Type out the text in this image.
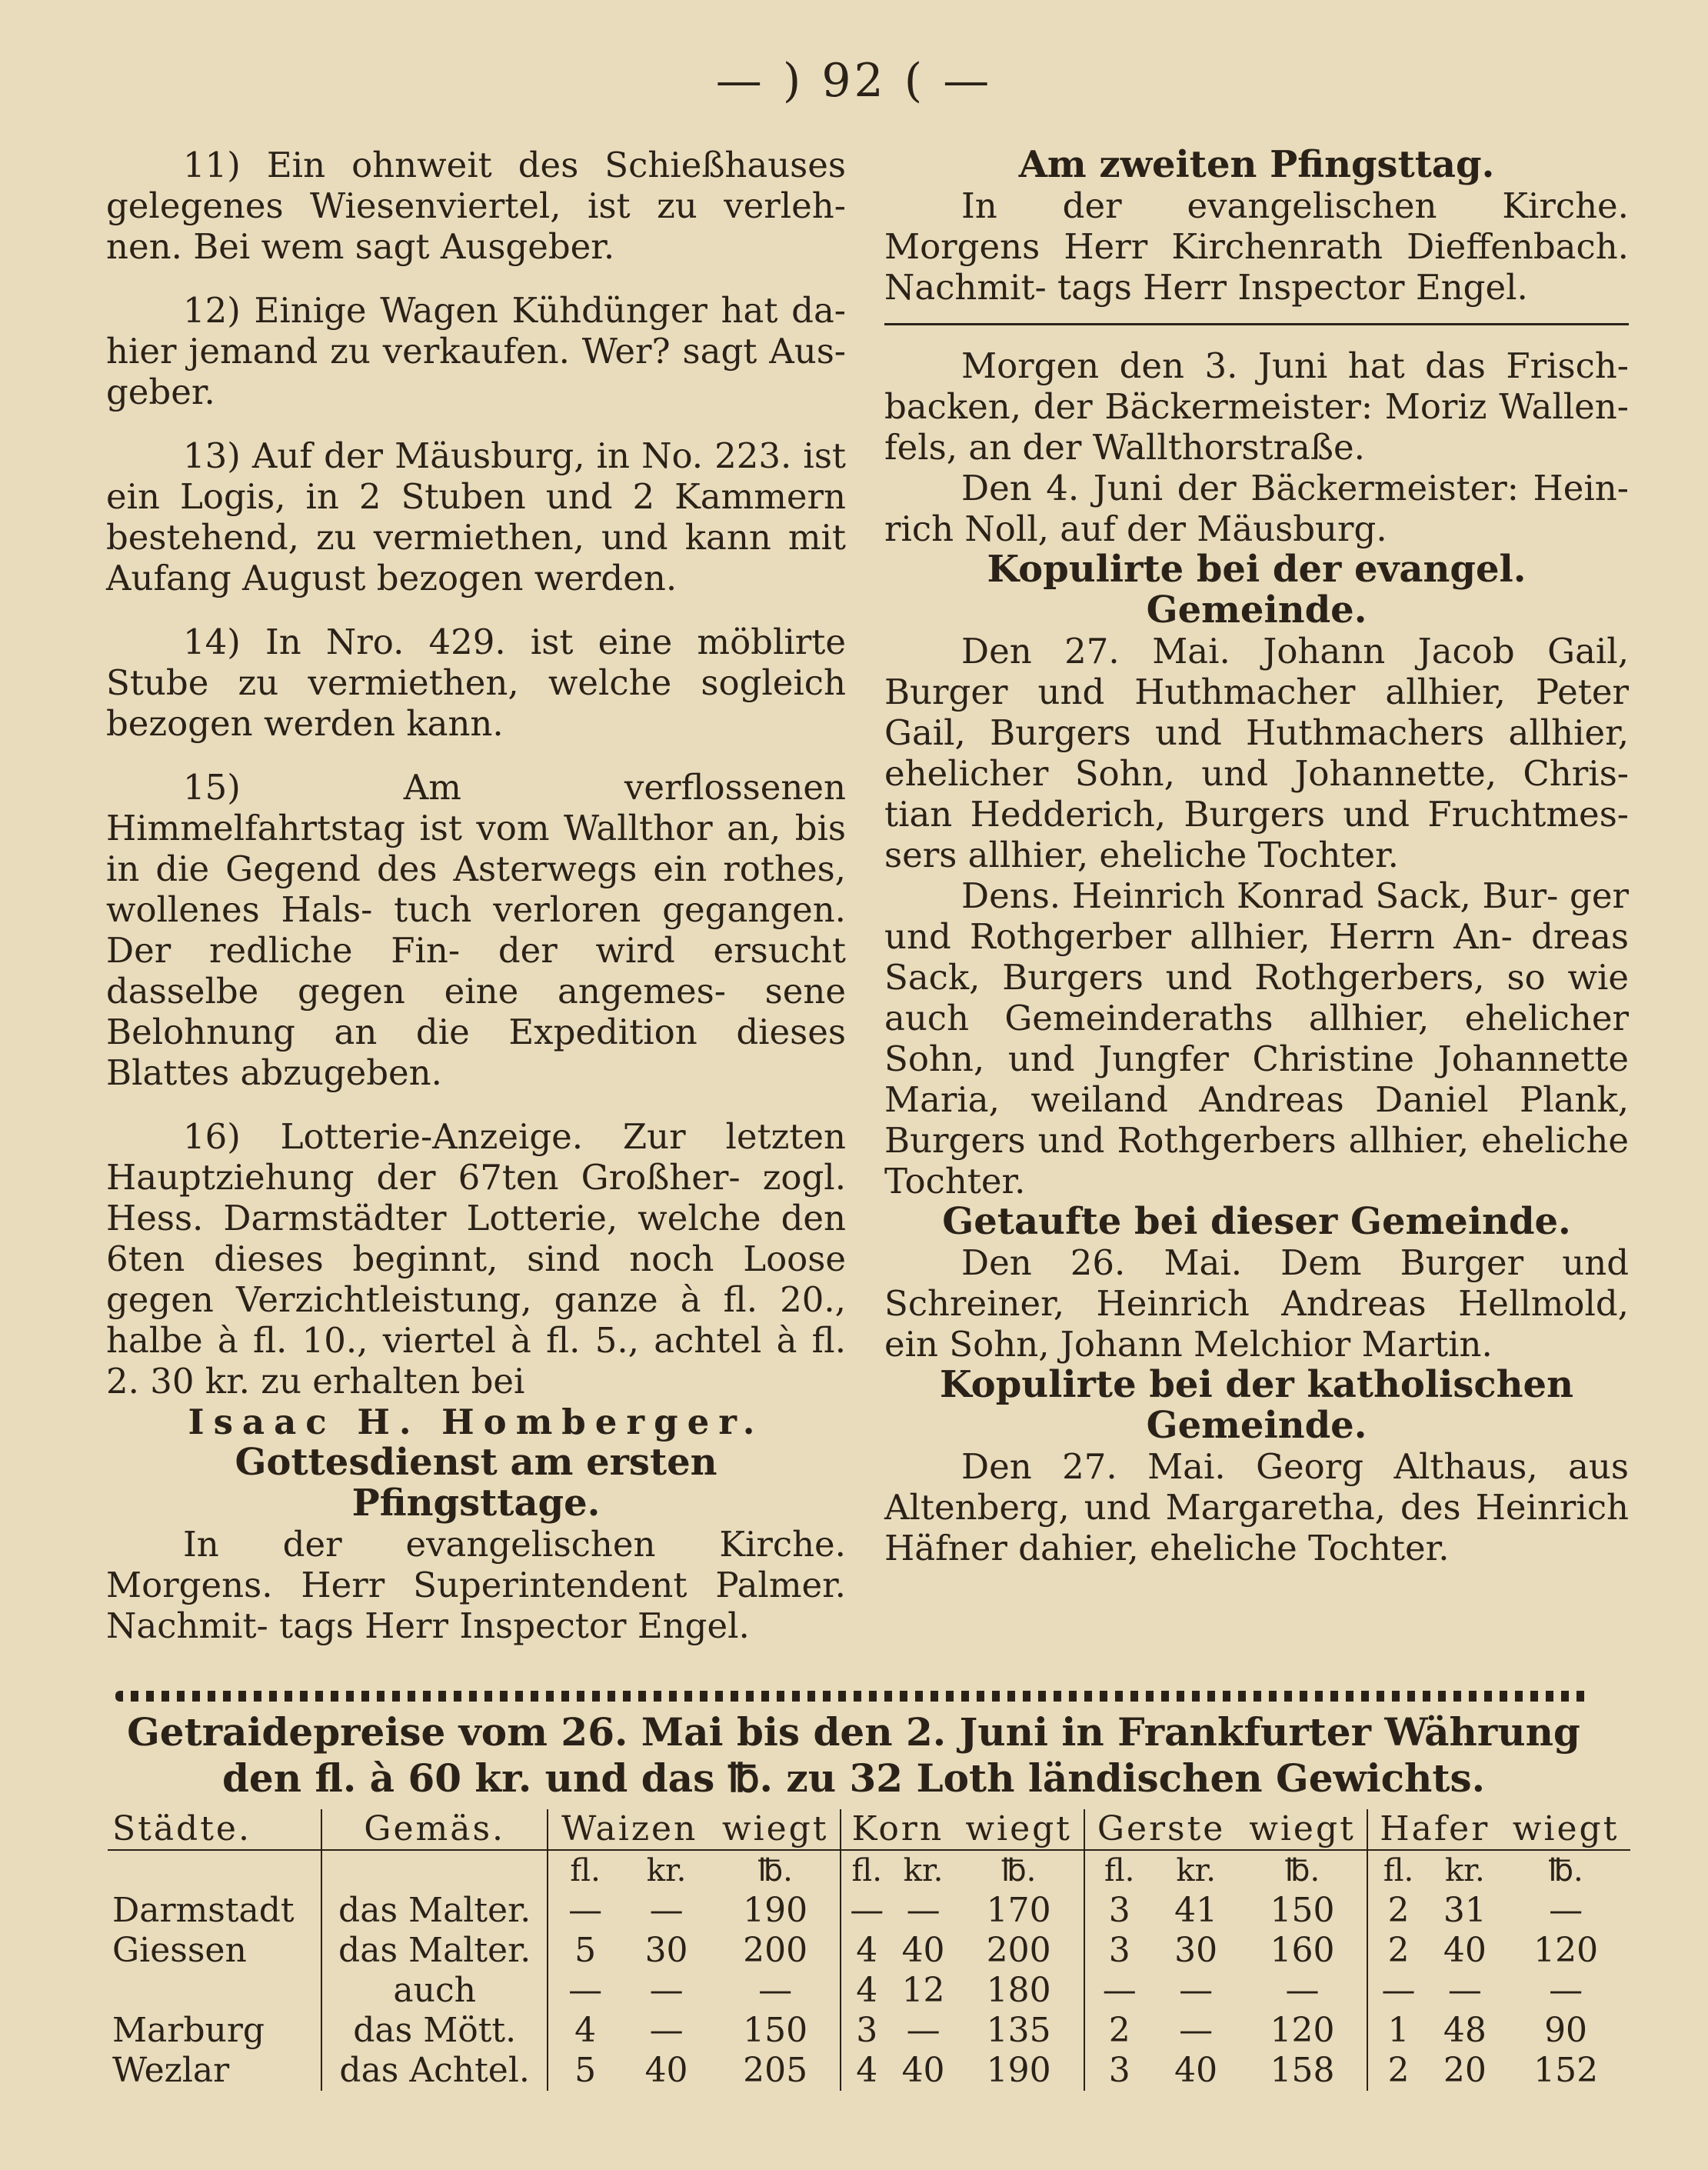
— ) 92 ( —

11) Ein ohnweit des Schießhauses gelegenes Wiesenviertel, ist zu verleh‑ nen. Bei wem sagt Ausgeber.

12) Einige Wagen Kühdünger hat da‑ hier jemand zu verkaufen. Wer? sagt Aus‑ geber.

13) Auf der Mäusburg, in No. 223. ist ein Logis, in 2 Stuben und 2 Kammern bestehend, zu vermiethen, und kann mit Aufang August bezogen werden.

14) In Nro. 429. ist eine möblirte Stube zu vermiethen, welche sogleich bezogen werden kann.

15) Am verflossenen Himmelfahrtstag ist vom Wallthor an, bis in die Gegend des Asterwegs ein rothes, wollenes Hals‑ tuch verloren gegangen. Der redliche Fin‑ der wird ersucht dasselbe gegen eine angemes‑ sene Belohnung an die Expedition dieses Blattes abzugeben.

16) Lotterie‑Anzeige. Zur letzten Hauptziehung der 67ten Großher‑ zogl. Hess. Darmstädter Lotterie, welche den 6ten dieses beginnt, sind noch Loose gegen Verzichtleistung, ganze à fl. 20., halbe à fl. 10., viertel à fl. 5., achtel à fl. 2. 30 kr. zu erhalten bei

Isaac H. Homberger.

Gottesdienst am ersten Pfingsttage.

In der evangelischen Kirche. Morgens. Herr Superintendent Palmer. Nachmit‑ tags Herr Inspector Engel.

Am zweiten Pfingsttag.

In der evangelischen Kirche. Morgens Herr Kirchenrath Dieffenbach. Nachmit‑ tags Herr Inspector Engel.

Morgen den 3. Juni hat das Frisch‑ backen, der Bäckermeister: Moriz Wallen‑ fels, an der Wallthorstraße.

Den 4. Juni der Bäckermeister: Hein‑ rich Noll, auf der Mäusburg.

Kopulirte bei der evangel. Gemeinde.

Den 27. Mai. Johann Jacob Gail, Burger und Huthmacher allhier, Peter Gail, Burgers und Huthmachers allhier, ehelicher Sohn, und Johannette, Chris‑ tian Hedderich, Burgers und Fruchtmes‑ sers allhier, eheliche Tochter.

Dens. Heinrich Konrad Sack, Bur‑ ger und Rothgerber allhier, Herrn An‑ dreas Sack, Burgers und Rothgerbers, so wie auch Gemeinderaths allhier, ehelicher Sohn, und Jungfer Christine Johannette Maria, weiland Andreas Daniel Plank, Burgers und Rothgerbers allhier, eheliche Tochter.

Getaufte bei dieser Gemeinde.

Den 26. Mai. Dem Burger und Schreiner, Heinrich Andreas Hellmold, ein Sohn, Johann Melchior Martin.

Kopulirte bei der katholischen Gemeinde.

Den 27. Mai. Georg Althaus, aus Altenberg, und Margaretha, des Heinrich Häfner dahier, eheliche Tochter.

Getraidepreise vom 26. Mai bis den 2. Juni in Frankfurter Währung
den fl. à 60 kr. und das ℔. zu 32 Loth ländischen Gewichts.
Städte.	Gemäs.	Waizen		wiegt	Korn		wiegt	Gerste		wiegt	Hafer		wiegt
		fl.	kr.	℔.	fl.	kr.	℔.	fl.	kr.	℔.	fl.	kr.	℔.
Darmstadt	das Malter.	—	—	190	—	—	170	3	41	150	2	31	—
Giessen	das Malter.	5	30	200	4	40	200	3	30	160	2	40	120
	auch	—	—	—	4	12	180	—	—	—	—	—	—
Marburg	das Mött.	4	—	150	3	—	135	2	—	120	1	48	90
Wezlar	das Achtel.	5	40	205	4	40	190	3	40	158	2	20	152
